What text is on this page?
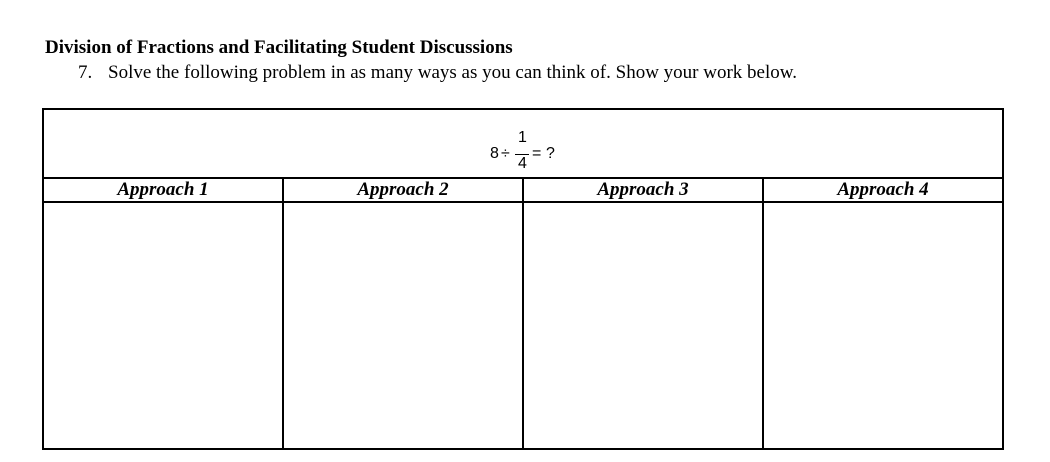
Division of Fractions and Facilitating Student Discussions
7. Solve the following problem in as many ways as you can think of. Show your work below.
8 ÷
1
4
= ?
Approach 1	Approach 2	Approach 3	Approach 4
